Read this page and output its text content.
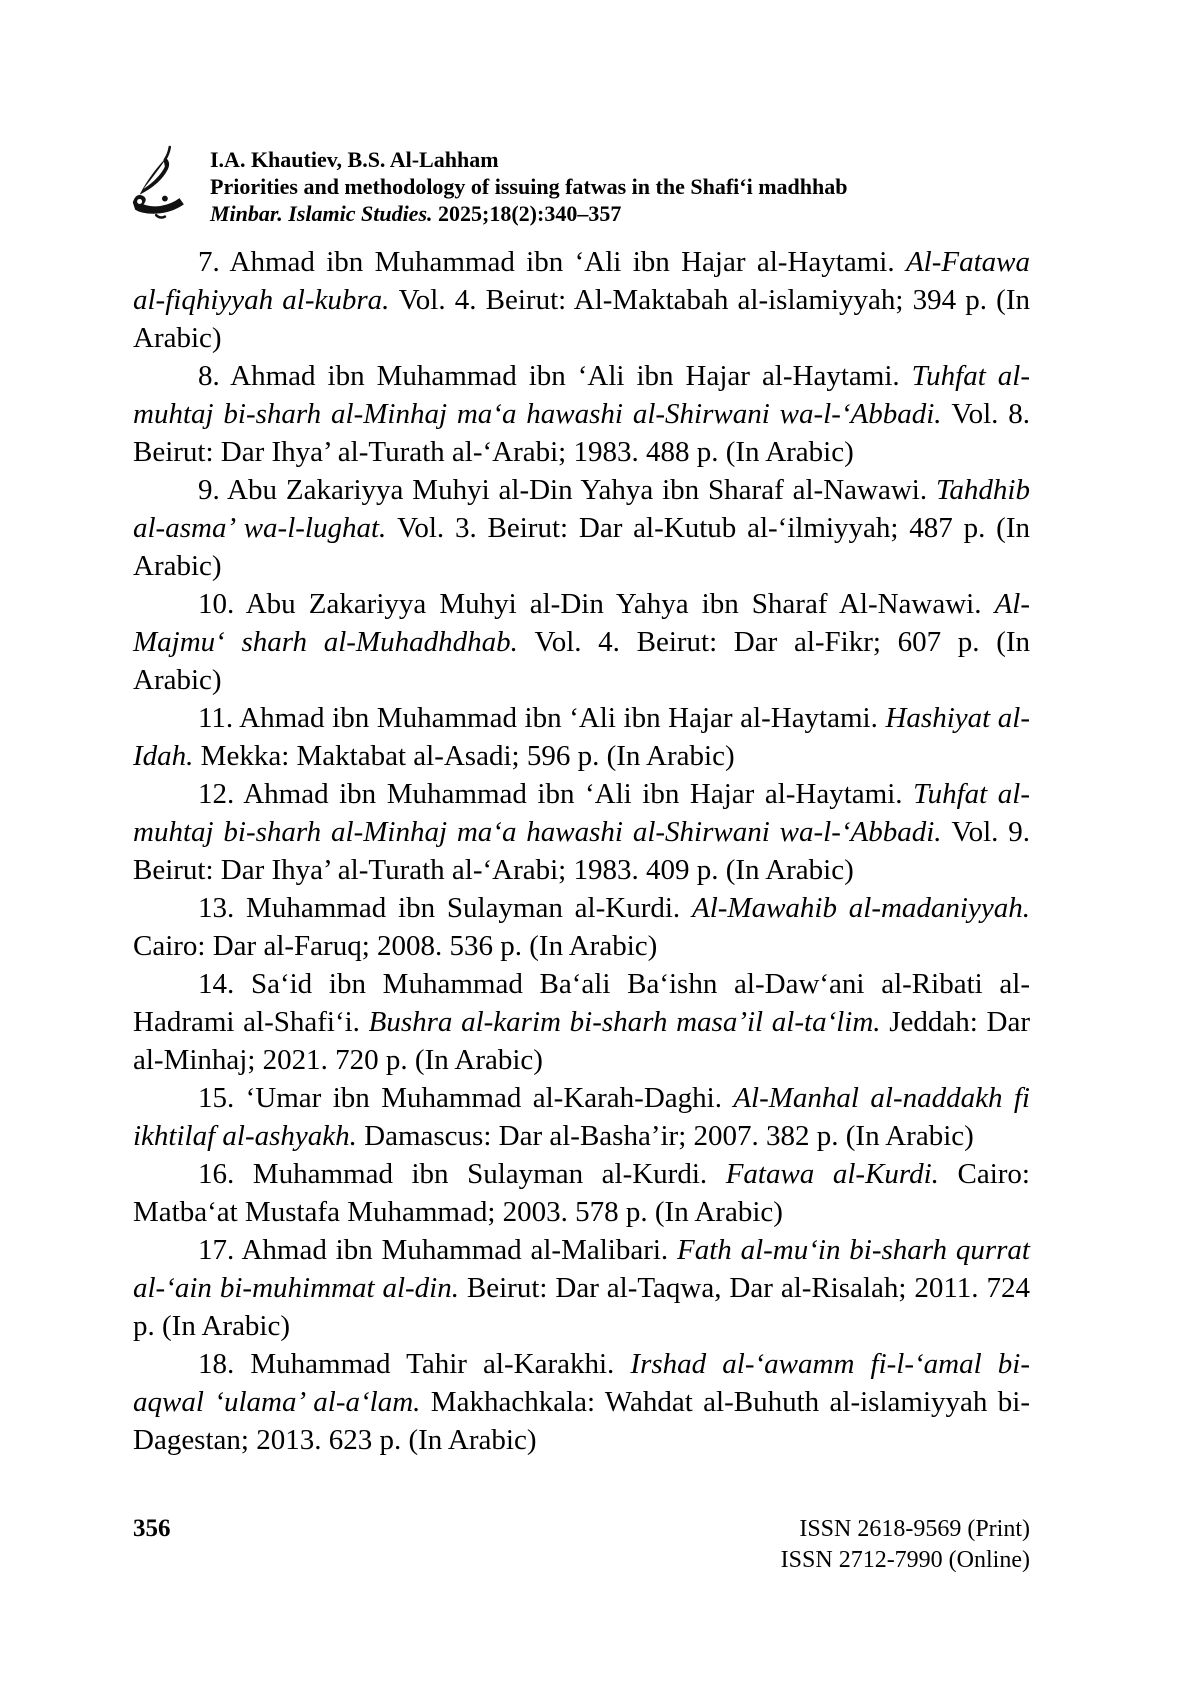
I.A. Khautiev, B.S. Al-Lahham
Priorities and methodology of issuing fatwas in the Shafi‘i madhhab
Minbar. Islamic Studies. 2025;18(2):340–357

7. Ahmad ibn Muhammad ibn ‘Ali ibn Hajar al-Haytami. Al-Fatawa al-fiqhiyyah al-kubra. Vol. 4. Beirut: Al-Maktabah al-islamiyyah; 394 p. (In Arabic)

8. Ahmad ibn Muhammad ibn ‘Ali ibn Hajar al-Haytami. Tuhfat al-muhtaj bi-sharh al-Minhaj ma‘a hawashi al-Shirwani wa-l-‘Abbadi. Vol. 8. Beirut: Dar Ihya’ al-Turath al-‘Arabi; 1983. 488 p. (In Arabic)

9. Abu Zakariyya Muhyi al-Din Yahya ibn Sharaf al-Nawawi. Tahdhib al-asma’ wa-l-lughat. Vol. 3. Beirut: Dar al-Kutub al-‘ilmiyyah; 487 p. (In Arabic)

10. Abu Zakariyya Muhyi al-Din Yahya ibn Sharaf Al-Nawawi. Al-Majmu‘ sharh al-Muhadhdhab. Vol. 4. Beirut: Dar al-Fikr; 607 p. (In Arabic)

11. Ahmad ibn Muhammad ibn ‘Ali ibn Hajar al-Haytami. Hashiyat al-Idah. Mekka: Maktabat al-Asadi; 596 p. (In Arabic)

12. Ahmad ibn Muhammad ibn ‘Ali ibn Hajar al-Haytami. Tuhfat al-muhtaj bi-sharh al-Minhaj ma‘a hawashi al-Shirwani wa-l-‘Abbadi. Vol. 9. Beirut: Dar Ihya’ al-Turath al-‘Arabi; 1983. 409 p. (In Arabic)

13. Muhammad ibn Sulayman al-Kurdi. Al-Mawahib al-madaniyyah. Cairo: Dar al-Faruq; 2008. 536 p. (In Arabic)

14. Sa‘id ibn Muhammad Ba‘ali Ba‘ishn al-Daw‘ani al-Ribati al-Hadrami al-Shafi‘i. Bushra al-karim bi-sharh masa’il al-ta‘lim. Jeddah: Dar al-Minhaj; 2021. 720 p. (In Arabic)

15. ‘Umar ibn Muhammad al-Karah-Daghi. Al-Manhal al-naddakh fi ikhtilaf al-ashyakh. Damascus: Dar al-Basha’ir; 2007. 382 p. (In Arabic)

16. Muhammad ibn Sulayman al-Kurdi. Fatawa al-Kurdi. Cairo: Matba‘at Mustafa Muhammad; 2003. 578 p. (In Arabic)

17. Ahmad ibn Muhammad al-Malibari. Fath al-mu‘in bi-sharh qurrat al-‘ain bi-muhimmat al-din. Beirut: Dar al-Taqwa, Dar al-Risalah; 2011. 724 p. (In Arabic)

18. Muhammad Tahir al-Karakhi. Irshad al-‘awamm fi-l-‘amal bi-aqwal ‘ulama’ al-a‘lam. Makhachkala: Wahdat al-Buhuth al-islamiyyah bi-Dagestan; 2013. 623 p. (In Arabic)

356	ISSN 2618-9569 (Print)
ISSN 2712-7990 (Online)
